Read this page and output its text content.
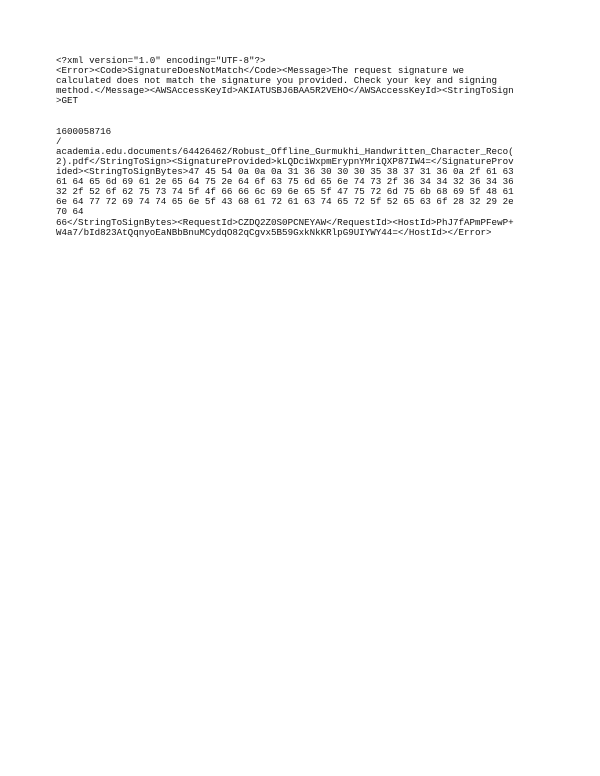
<?xml version="1.0" encoding="UTF-8"?>
<Error><Code>SignatureDoesNotMatch</Code><Message>The request signature we
calculated does not match the signature you provided. Check your key and signing
method.</Message><AWSAccessKeyId>AKIATUSBJ6BAA5R2VEHO</AWSAccessKeyId><StringToSign
>GET
1600058716
/
academia.edu.documents/64426462/Robust_Offline_Gurmukhi_Handwritten_Character_Reco(
2).pdf</StringToSign><SignatureProvided>kLQDciWxpmErypnYMriQXP87IW4=</SignatureProv
ided><StringToSignBytes>47 45 54 0a 0a 0a 31 36 30 30 30 35 38 37 31 36 0a 2f 61 63
61 64 65 6d 69 61 2e 65 64 75 2e 64 6f 63 75 6d 65 6e 74 73 2f 36 34 34 32 36 34 36
32 2f 52 6f 62 75 73 74 5f 4f 66 66 6c 69 6e 65 5f 47 75 72 6d 75 6b 68 69 5f 48 61
6e 64 77 72 69 74 74 65 6e 5f 43 68 61 72 61 63 74 65 72 5f 52 65 63 6f 28 32 29 2e
70 64
66</StringToSignBytes><RequestId>CZDQ2Z0S0PCNEYAW</RequestId><HostId>PhJ7fAPmPFewP+
W4a7/bId823AtQqnyoEaNBbBnuMCydqO82qCgvx5B59GxkNkKRlpG9UIYWY44=</HostId></Error>
